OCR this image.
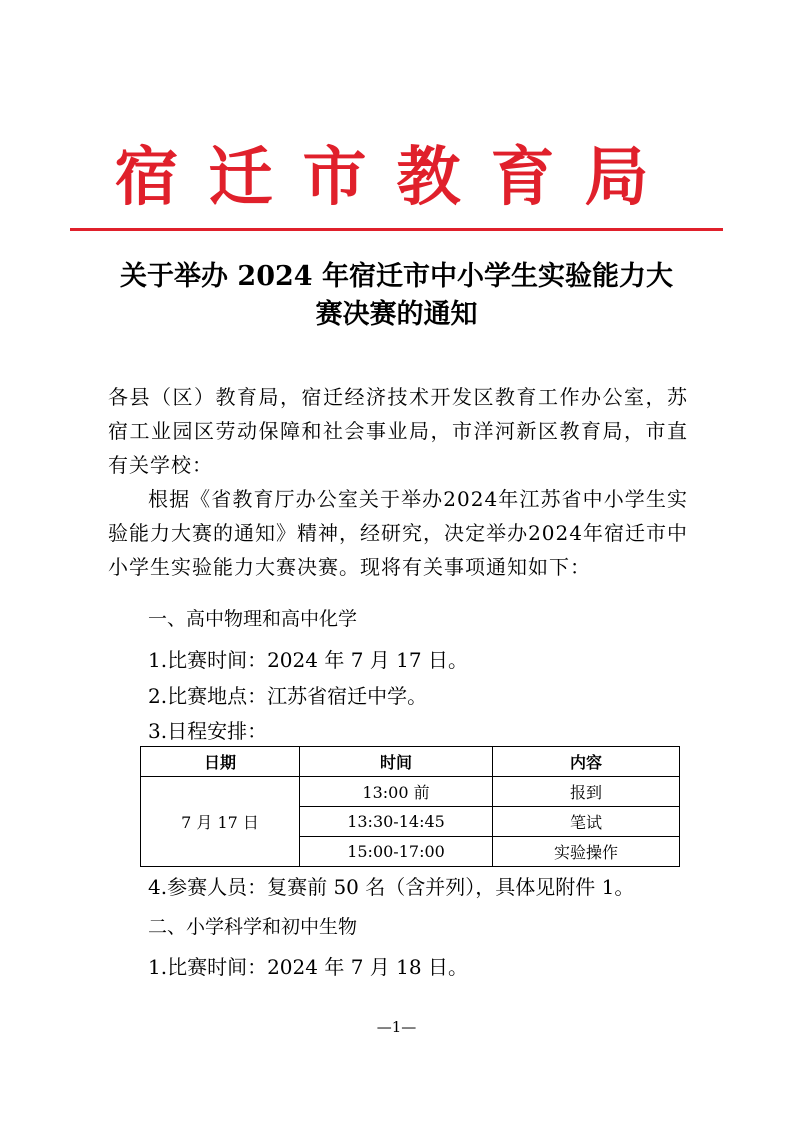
宿迁市教育局
关于举办 2024 年宿迁市中小学生实验能力大
赛决赛的通知
各县（区）教育局，宿迁经济技术开发区教育工作办公室，苏宿工业园区劳动保障和社会事业局，市洋河新区教育局，市直有关学校：
根据《省教育厅办公室关于举办2024年江苏省中小学生实验能力大赛的通知》精神，经研究，决定举办2024年宿迁市中小学生实验能力大赛决赛。现将有关事项通知如下：
一、高中物理和高中化学
1.比赛时间：2024 年 7 月 17 日。
2.比赛地点：江苏省宿迁中学。
3.日程安排：
日期	时间	内容
7 月 17 日	13:00 前	报到
	13:30-14:45	笔试
	15:00-17:00	实验操作
4.参赛人员：复赛前 50 名（含并列），具体见附件 1。
二、小学科学和初中生物
1.比赛时间：2024 年 7 月 18 日。
—1—
